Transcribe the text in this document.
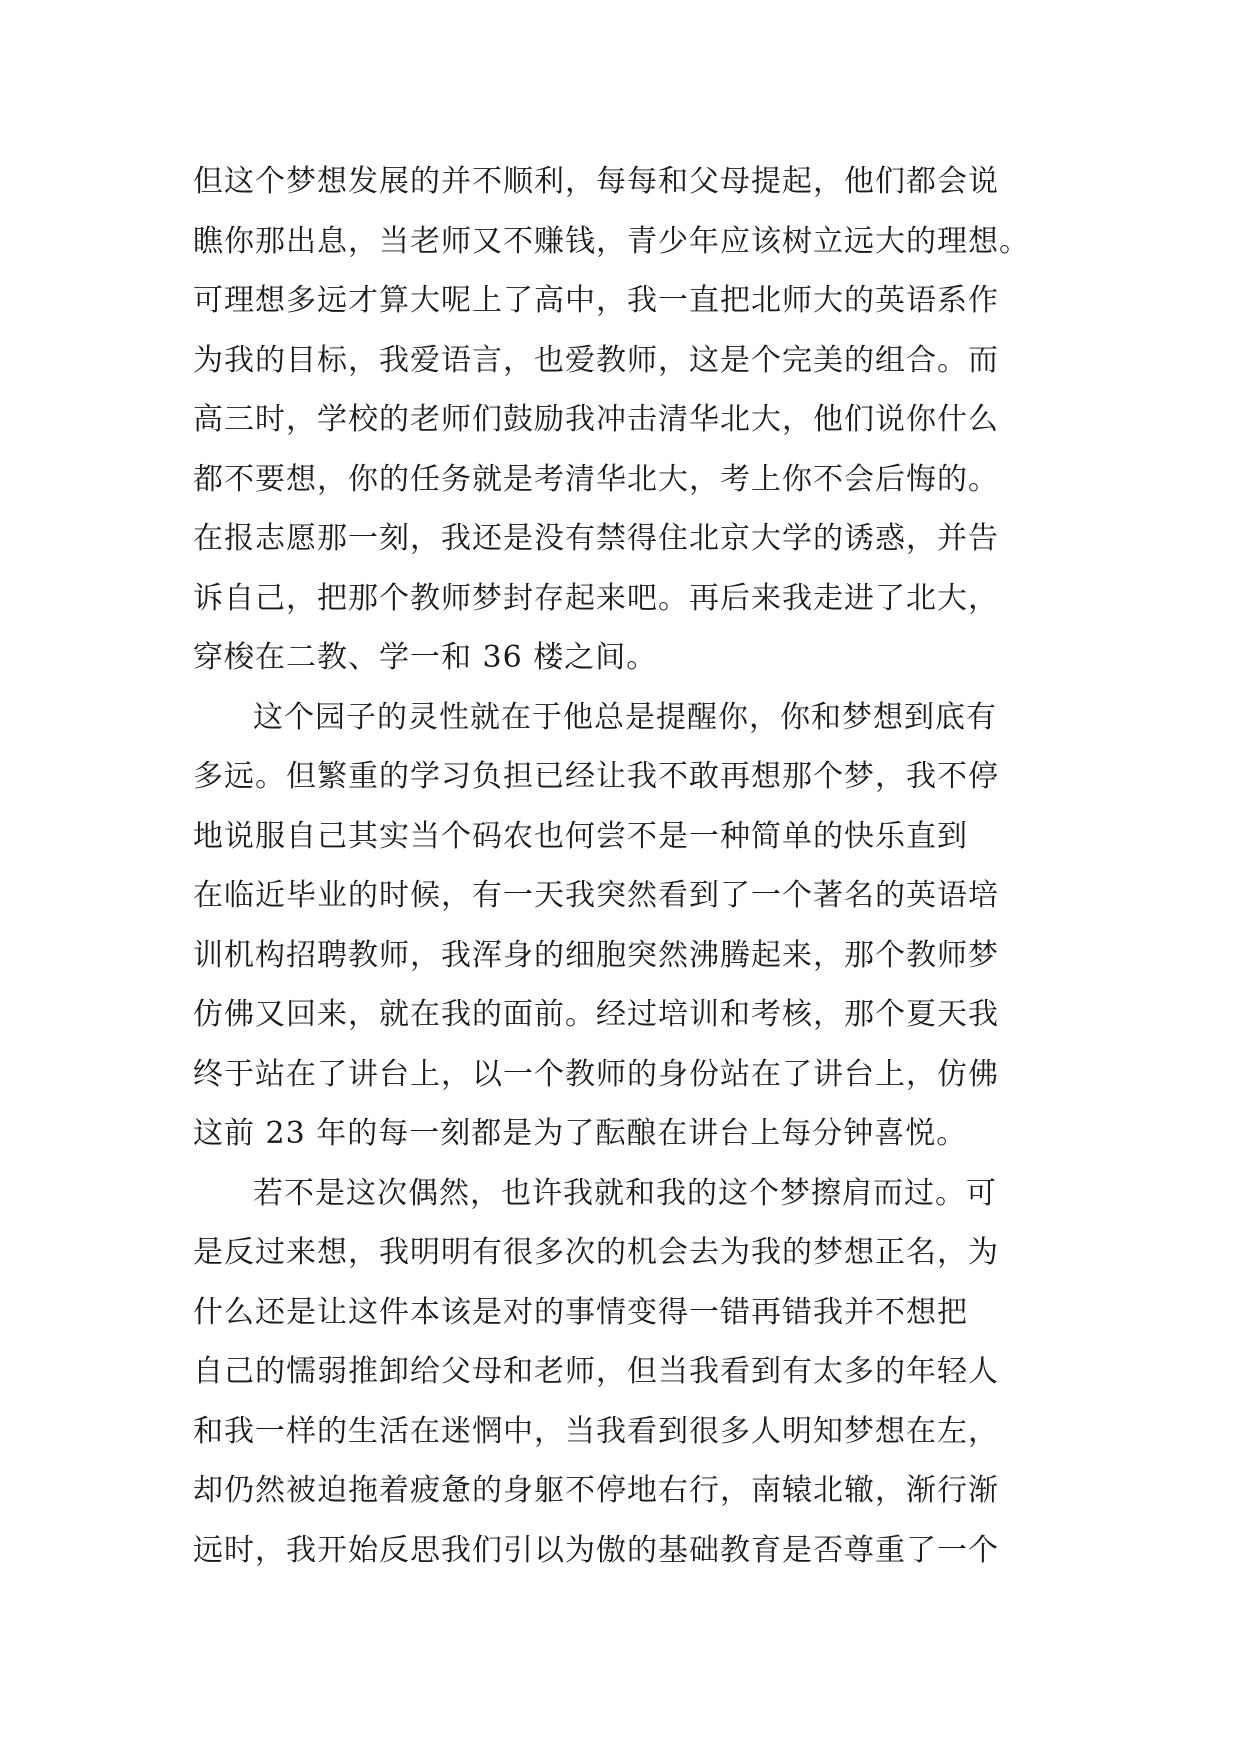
但这个梦想发展的并不顺利，每每和父母提起，他们都会说
瞧你那出息，当老师又不赚钱，青少年应该树立远大的理想。
可理想多远才算大呢上了高中，我一直把北师大的英语系作
为我的目标，我爱语言，也爱教师，这是个完美的组合。而
高三时，学校的老师们鼓励我冲击清华北大，他们说你什么
都不要想，你的任务就是考清华北大，考上你不会后悔的。
在报志愿那一刻，我还是没有禁得住北京大学的诱惑，并告
诉自己，把那个教师梦封存起来吧。再后来我走进了北大，
穿梭在二教、学一和 36 楼之间。
这个园子的灵性就在于他总是提醒你，你和梦想到底有
多远。但繁重的学习负担已经让我不敢再想那个梦，我不停
地说服自己其实当个码农也何尝不是一种简单的快乐直到
在临近毕业的时候，有一天我突然看到了一个著名的英语培
训机构招聘教师，我浑身的细胞突然沸腾起来，那个教师梦
仿佛又回来，就在我的面前。经过培训和考核，那个夏天我
终于站在了讲台上，以一个教师的身份站在了讲台上，仿佛
这前 23 年的每一刻都是为了酝酿在讲台上每分钟喜悦。
若不是这次偶然，也许我就和我的这个梦擦肩而过。可
是反过来想，我明明有很多次的机会去为我的梦想正名，为
什么还是让这件本该是对的事情变得一错再错我并不想把
自己的懦弱推卸给父母和老师，但当我看到有太多的年轻人
和我一样的生活在迷惘中，当我看到很多人明知梦想在左，
却仍然被迫拖着疲惫的身躯不停地右行，南辕北辙，渐行渐
远时，我开始反思我们引以为傲的基础教育是否尊重了一个
